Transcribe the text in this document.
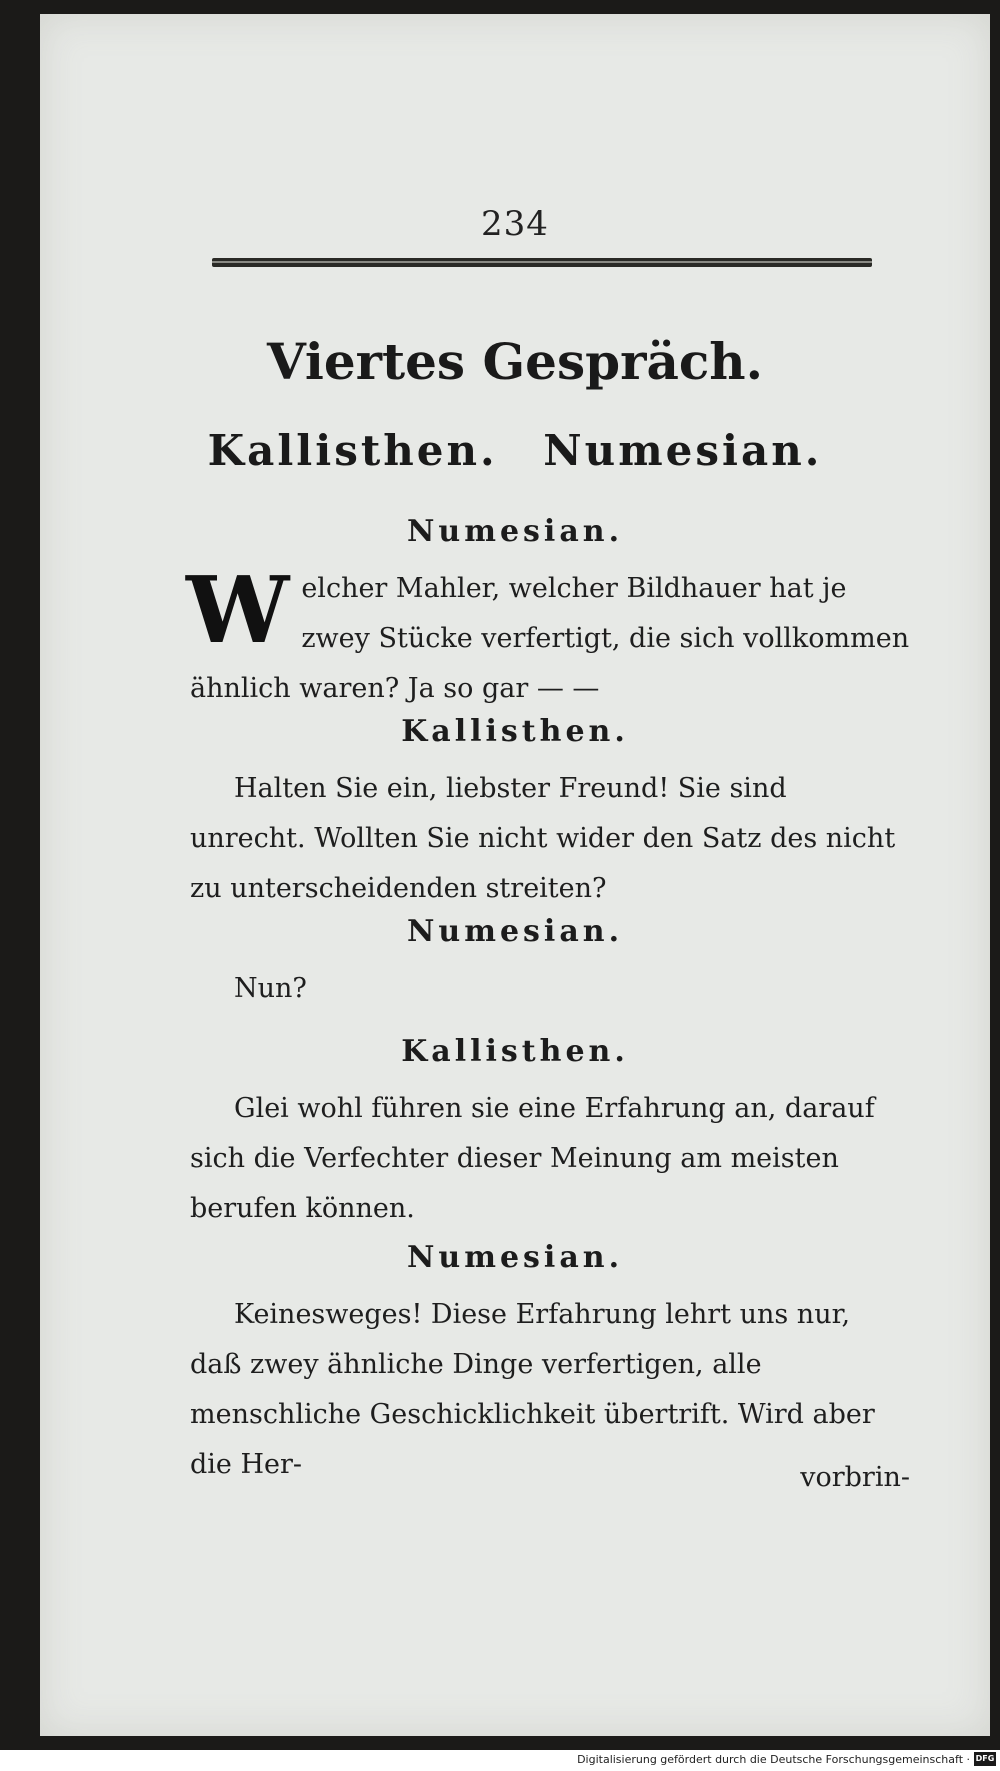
234
Viertes Gespräch.
Kallisthen. Numesian.
Numesian.
Welcher Mahler, welcher Bildhauer hat je zwey Stücke verfertigt, die sich vollkommen ähnlich waren? Ja so gar — —
Kallisthen.
Halten Sie ein, liebster Freund! Sie sind unrecht. Wollten Sie nicht wider den Satz des nicht zu unterscheidenden streiten?
Numesian.
Nun?
Kallisthen.
Glei wohl führen sie eine Erfahrung an, darauf sich die Verfechter dieser Meinung am meisten berufen können.
Numesian.
Keinesweges! Diese Erfahrung lehrt uns nur, daß zwey ähnliche Dinge verfertigen, alle menschliche Geschicklichkeit übertrift. Wird aber die Her-	vorbrin-
Digitalisierung gefördert durch die Deutsche Forschungsgemeinschaft · DFG
